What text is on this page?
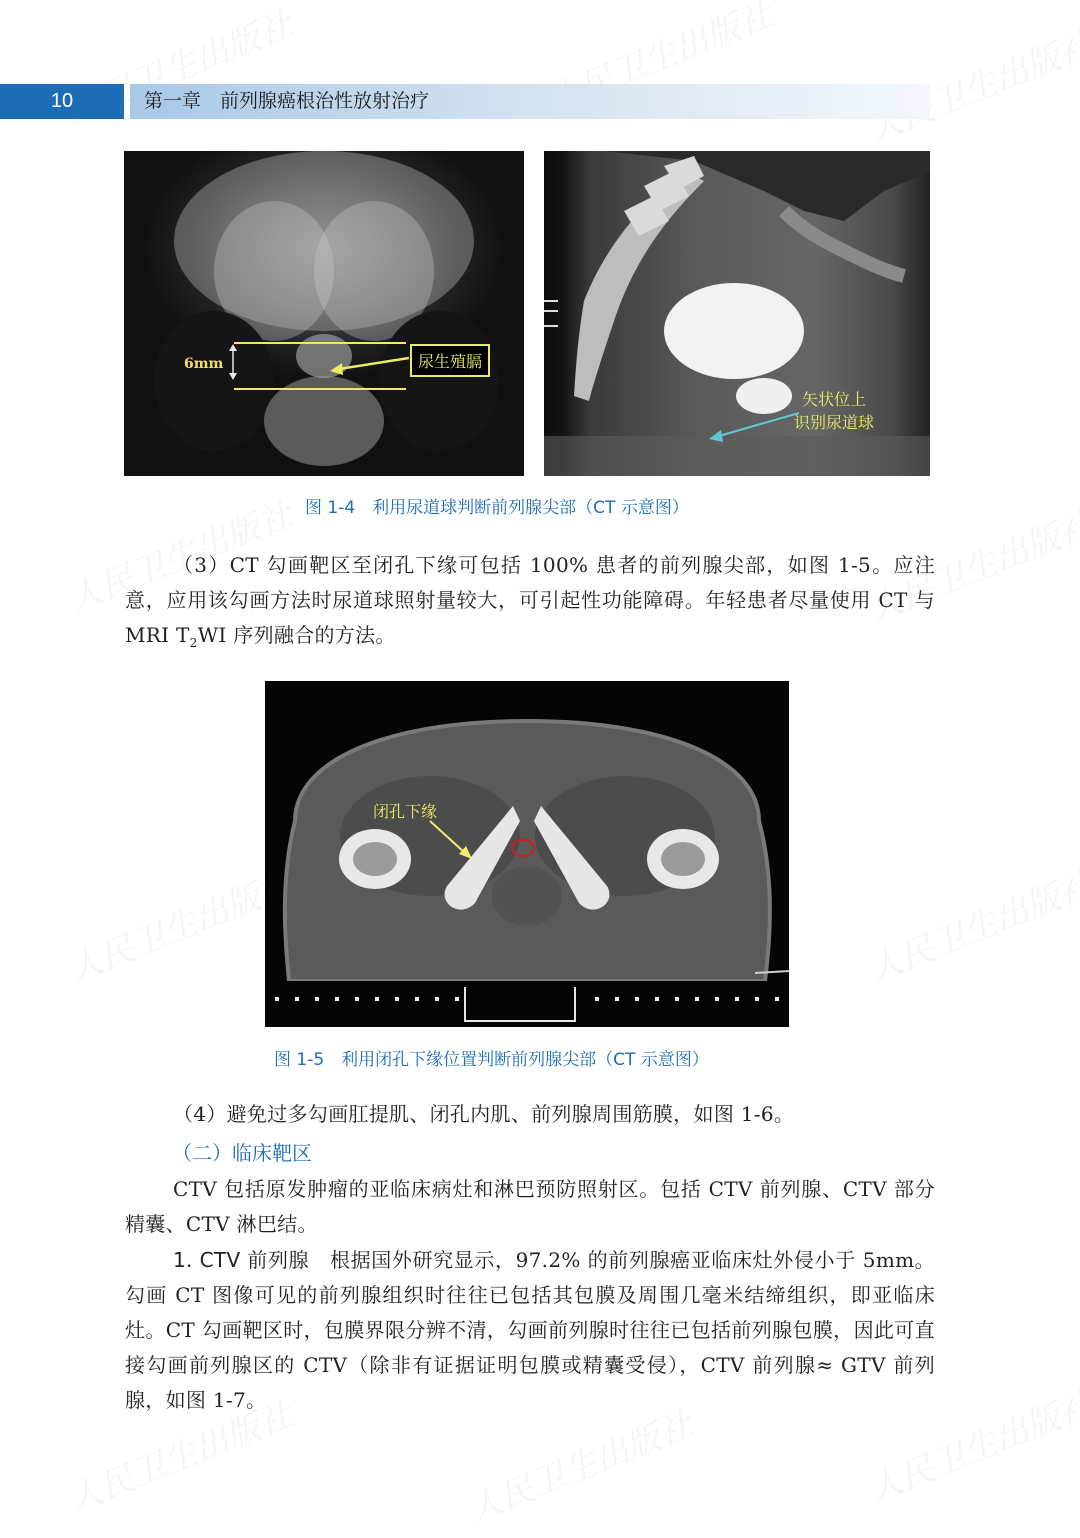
10	第一章　前列腺癌根治性放射治疗
6mm	尿生殖膈
矢状位上
识别尿道球
图 1-4　利用尿道球判断前列腺尖部（CT 示意图）

（3）CT 勾画靶区至闭孔下缘可包括 100% 患者的前列腺尖部，如图 1-5。应注意，应用该勾画方法时尿道球照射量较大，可引起性功能障碍。年轻患者尽量使用 CT 与 MRI $T_2WI$ 序列融合的方法。

闭孔下缘
图 1-5　利用闭孔下缘位置判断前列腺尖部（CT 示意图）

（4）避免过多勾画肛提肌、闭孔内肌、前列腺周围筋膜，如图 1-6。

（二）临床靶区

CTV 包括原发肿瘤的亚临床病灶和淋巴预防照射区。包括 CTV 前列腺、CTV 部分精囊、CTV 淋巴结。

1. CTV 前列腺　根据国外研究显示，97.2% 的前列腺癌亚临床灶外侵小于 5mm。勾画 CT 图像可见的前列腺组织时往往已包括其包膜及周围几毫米结缔组织，即亚临床灶。CT 勾画靶区时，包膜界限分辨不清，勾画前列腺时往往已包括前列腺包膜，因此可直接勾画前列腺区的 CTV（除非有证据证明包膜或精囊受侵），CTV 前列腺≈ GTV 前列腺，如图 1-7。
